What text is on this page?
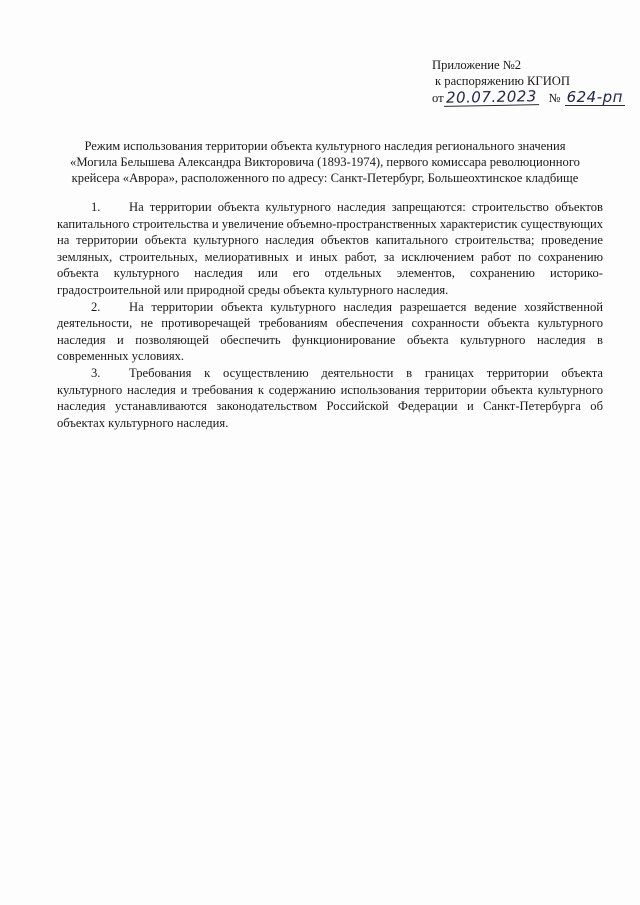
Приложение №2
к распоряжению КГИОП
от 20.07.2023 № 624-рп
Режим использования территории объекта культурного наследия регионального значения
«Могила Белышева Александра Викторовича (1893-1974), первого комиссара революционного
крейсера «Аврора», расположенного по адресу: Санкт-Петербург, Большеохтинское кладбище

1. На территории объекта культурного наследия запрещаются: строительство объектов капитального строительства и увеличение объемно-пространственных характеристик существующих на территории объекта культурного наследия объектов капитального строительства; проведение земляных, строительных, мелиоративных и иных работ, за исключением работ по сохранению объекта культурного наследия или его отдельных элементов, сохранению историко-градостроительной или природной среды объекта культурного наследия.

2. На территории объекта культурного наследия разрешается ведение хозяйственной деятельности, не противоречащей требованиям обеспечения сохранности объекта культурного наследия и позволяющей обеспечить функционирование объекта культурного наследия в современных условиях.

3. Требования к осуществлению деятельности в границах территории объекта культурного наследия и требования к содержанию использования территории объекта культурного наследия устанавливаются законодательством Российской Федерации и Санкт-Петербурга об объектах культурного наследия.
